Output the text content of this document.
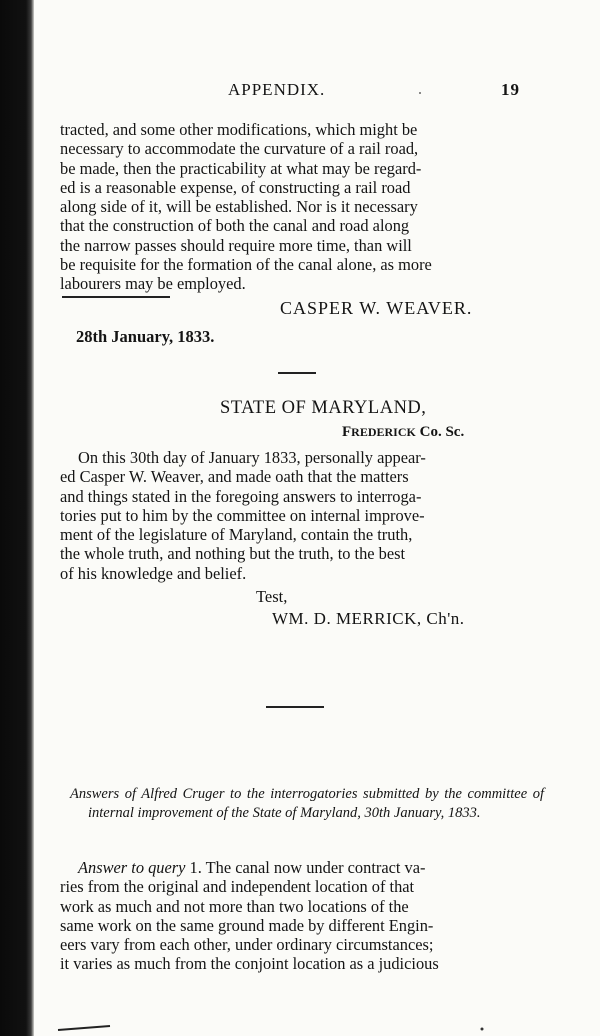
APPENDIX.	19
tracted, and some other modifications, which might be
necessary to accommodate the curvature of a rail road,
be made, then the practicability at what may be regard-
ed is a reasonable expense, of constructing a rail road
along side of it, will be established. Nor is it necessary
that the construction of both the canal and road along
the narrow passes should require more time, than will
be requisite for the formation of the canal alone, as more
labourers may be employed.
CASPER W. WEAVER.
28th January, 1833.
STATE OF MARYLAND,
FREDERICK Co. Sc.
On this 30th day of January 1833, personally appear-
ed Casper W. Weaver, and made oath that the matters
and things stated in the foregoing answers to interroga-
tories put to him by the committee on internal improve-
ment of the legislature of Maryland, contain the truth,
the whole truth, and nothing but the truth, to the best
of his knowledge and belief.
Test,
WM. D. MERRICK, Ch'n.
Answers of Alfred Cruger to the interrogatories submitted by the committee of internal improvement of the State of Maryland, 30th January, 1833.
Answer to query 1. The canal now under contract va-
ries from the original and independent location of that
work as much and not more than two locations of the
same work on the same ground made by different Engin-
eers vary from each other, under ordinary circumstances;
it varies as much from the conjoint location as a judicious
